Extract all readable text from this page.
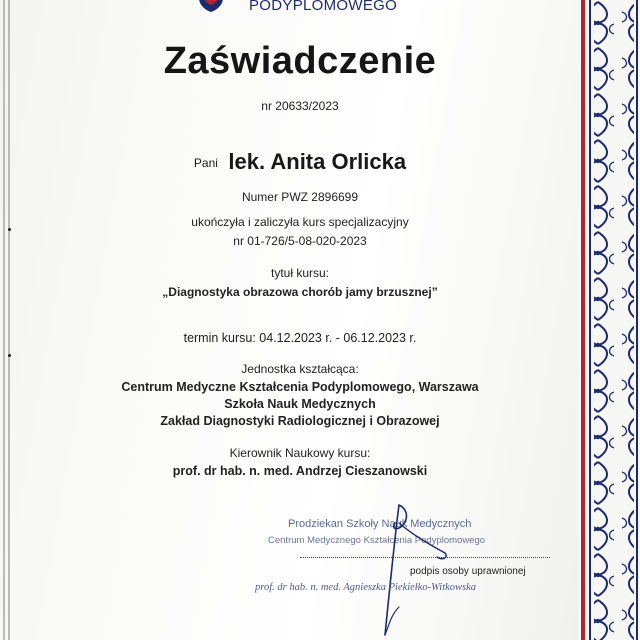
PODYPLOMOWEGO
Zaświadczenie
nr 20633/2023
Pani lek. Anita Orlicka
Numer PWZ 2896699
ukończyła i zaliczyła kurs specjalizacyjny
nr 01-726/5-08-020-2023
tytuł kursu:
„Diagnostyka obrazowa chorób jamy brzusznej”
termin kursu: 04.12.2023 r. - 06.12.2023 r.
Jednostka kształcąca:
Centrum Medyczne Kształcenia Podyplomowego, Warszawa
Szkoła Nauk Medycznych
Zakład Diagnostyki Radiologicznej i Obrazowej
Kierownik Naukowy kursu:
prof. dr hab. n. med. Andrzej Cieszanowski
Prodziekan Szkoły Nauk Medycznych
Centrum Medycznego Kształcenia Podyplomowego
podpis osoby uprawnionej
prof. dr hab. n. med. Agnieszka Piekiełko-Witkowska
